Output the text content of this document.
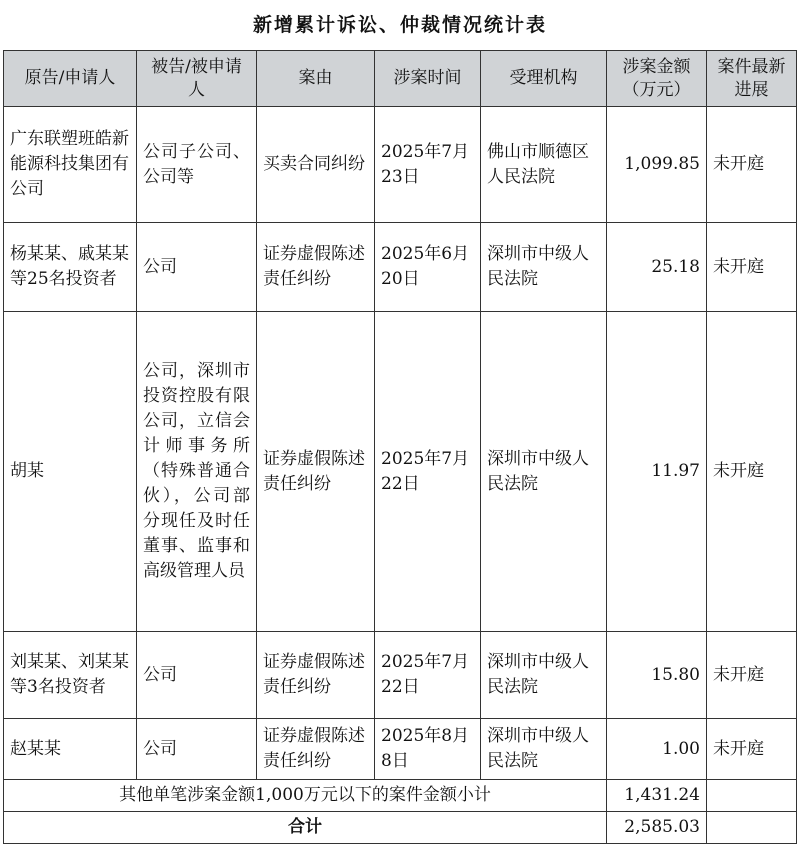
新增累计诉讼、仲裁情况统计表
原告/申请人	被告/被申请人	案由	涉案时间	受理机构	涉案金额（万元）	案件最新进展
广东联塑班皓新能源科技集团有公司	公司子公司、公司等	买卖合同纠纷	2025年7月23日	佛山市顺德区人民法院	1,099.85	未开庭
杨某某、戚某某等25名投资者	公司	证券虚假陈述责任纠纷	2025年6月20日	深圳市中级人民法院	25.18	未开庭
胡某	公司，深圳市投资控股有限公司，立信会计师事务所（特殊普通合伙），公司部分现任及时任董事、监事和高级管理人员	证券虚假陈述责任纠纷	2025年7月22日	深圳市中级人民法院	11.97	未开庭
刘某某、刘某某等3名投资者	公司	证券虚假陈述责任纠纷	2025年7月22日	深圳市中级人民法院	15.80	未开庭
赵某某	公司	证券虚假陈述责任纠纷	2025年8月8日	深圳市中级人民法院	1.00	未开庭
其他单笔涉案金额1,000万元以下的案件金额小计					1,431.24	
合计					2,585.03	
